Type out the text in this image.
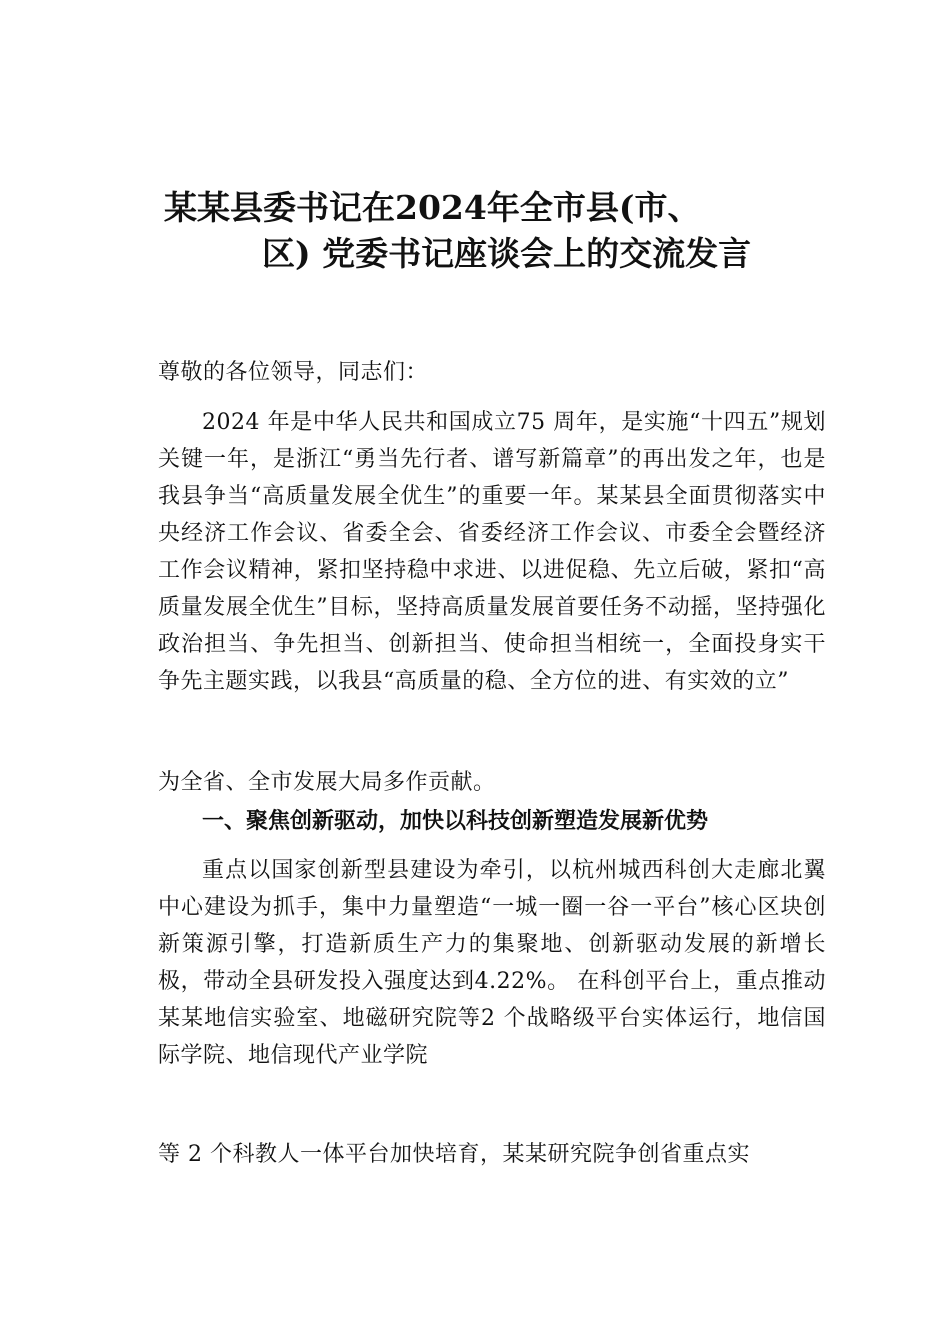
某某县委书记在2024年全市县(市、
区) 党委书记座谈会上的交流发言

尊敬的各位领导，同志们：

2024 年是中华人民共和国成立75 周年，是实施“十四五”规划关键一年，是浙江“勇当先行者、谱写新篇章”的再出发之年，也是我县争当“高质量发展全优生”的重要一年。某某县全面贯彻落实中央经济工作会议、省委全会、省委经济工作会议、市委全会暨经济工作会议精神，紧扣坚持稳中求进、以进促稳、先立后破，紧扣“高质量发展全优生”目标，坚持高质量发展首要任务不动摇，坚持强化政治担当、争先担当、创新担当、使命担当相统一，全面投身实干争先主题实践，以我县“高质量的稳、全方位的进、有实效的立”

为全省、全市发展大局多作贡献。

一、聚焦创新驱动，加快以科技创新塑造发展新优势

重点以国家创新型县建设为牵引，以杭州城西科创大走廊北翼中心建设为抓手，集中力量塑造“一城一圈一谷一平台”核心区块创新策源引擎，打造新质生产力的集聚地、创新驱动发展的新增长极，带动全县研发投入强度达到4.22%。 在科创平台上，重点推动某某地信实验室、地磁研究院等2 个战略级平台实体运行，地信国际学院、地信现代产业学院

等 2 个科教人一体平台加快培育，某某研究院争创省重点实
